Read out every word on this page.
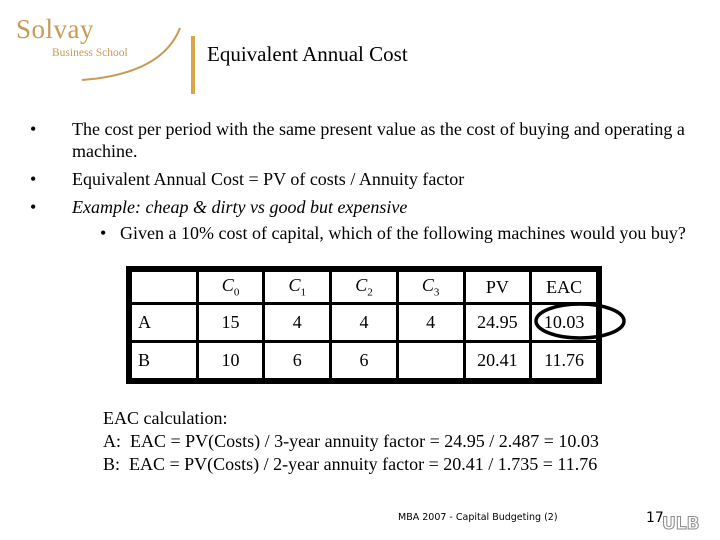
Solvay
Business School	Equivalent Annual Cost
• The cost per period with the same present value as the cost of buying and operating a machine.
• Equivalent Annual Cost = PV of costs / Annuity factor
• Example: cheap & dirty vs good but expensive
• Given a 10% cost of capital, which of the following machines would you buy?
	$C_0$	$C_1$	$C_2$	$C_3$	PV	EAC
A	15	4	4	4	24.95	10.03
B	10	6	6		20.41	11.76
EAC calculation:
A:  EAC = PV(Costs) / 3-year annuity factor = 24.95 / 2.487 = 10.03
B:  EAC = PV(Costs) / 2-year annuity factor = 20.41 / 1.735 = 11.76
MBA 2007 - Capital Budgeting (2)	17
ULB
